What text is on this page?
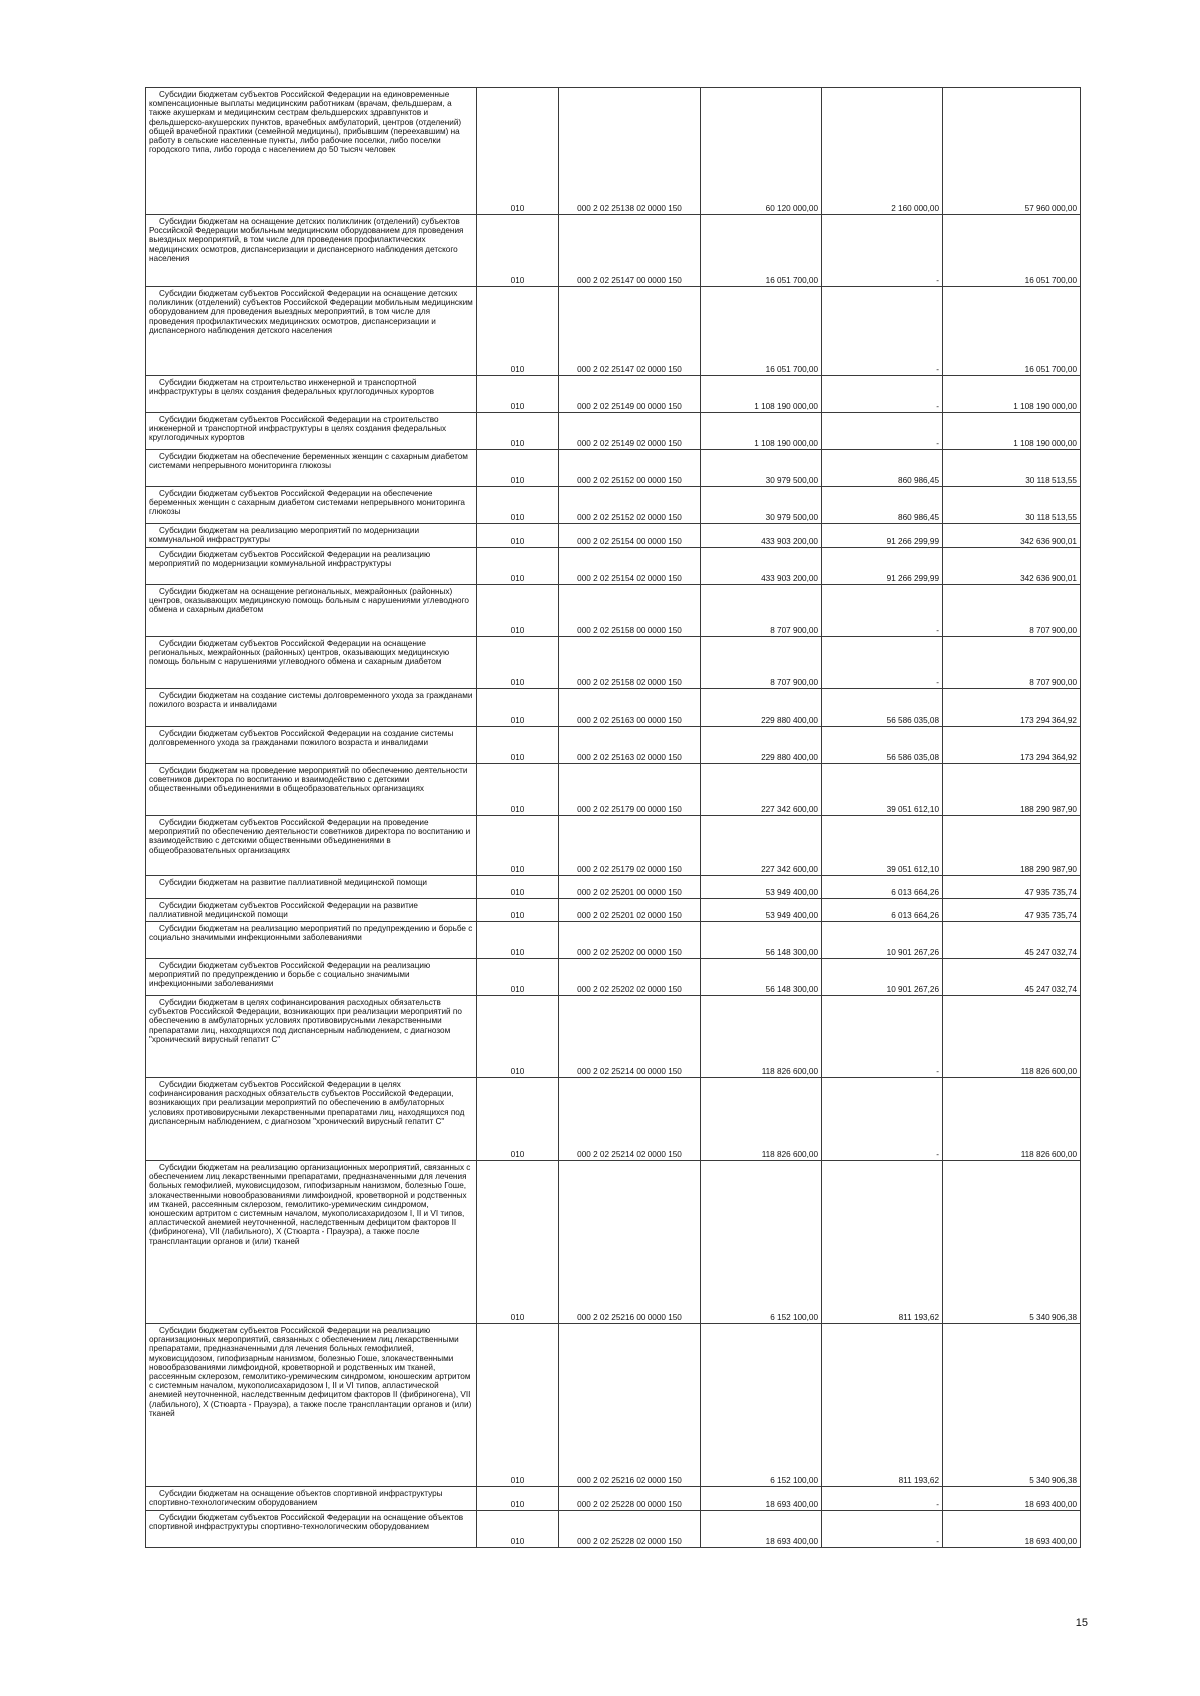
Субсидии бюджетам субъектов Российской Федерации на единовременные компенсационные выплаты медицинским работникам (врачам, фельдшерам, а также акушеркам и медицинским сестрам фельдшерских здравпунктов и фельдшерско-акушерских пунктов, врачебных амбулаторий, центров (отделений) общей врачебной практики (семейной медицины), прибывшим (переехавшим) на работу в сельские населенные пункты, либо рабочие поселки, либо поселки городского типа, либо города с населением до 50 тысяч человек	010	000 2 02 25138 02 0000 150	60 120 000,00	2 160 000,00	57 960 000,00
Субсидии бюджетам на оснащение детских поликлиник (отделений) субъектов Российской Федерации мобильным медицинским оборудованием для проведения выездных мероприятий, в том числе для проведения профилактических медицинских осмотров, диспансеризации и диспансерного наблюдения детского населения	010	000 2 02 25147 00 0000 150	16 051 700,00	-	16 051 700,00
Субсидии бюджетам субъектов Российской Федерации на оснащение детских поликлиник (отделений) субъектов Российской Федерации мобильным медицинским оборудованием для проведения выездных мероприятий, в том числе для проведения профилактических медицинских осмотров, диспансеризации и диспансерного наблюдения детского населения	010	000 2 02 25147 02 0000 150	16 051 700,00	-	16 051 700,00
Субсидии бюджетам на строительство инженерной и транспортной инфраструктуры в целях создания федеральных круглогодичных курортов	010	000 2 02 25149 00 0000 150	1 108 190 000,00	-	1 108 190 000,00
Субсидии бюджетам субъектов Российской Федерации на строительство инженерной и транспортной инфраструктуры в целях создания федеральных круглогодичных курортов	010	000 2 02 25149 02 0000 150	1 108 190 000,00	-	1 108 190 000,00
Субсидии бюджетам на обеспечение беременных женщин с сахарным диабетом системами непрерывного мониторинга глюкозы	010	000 2 02 25152 00 0000 150	30 979 500,00	860 986,45	30 118 513,55
Субсидии бюджетам субъектов Российской Федерации на обеспечение беременных женщин с сахарным диабетом системами непрерывного мониторинга глюкозы	010	000 2 02 25152 02 0000 150	30 979 500,00	860 986,45	30 118 513,55
Субсидии бюджетам на реализацию мероприятий по модернизации коммунальной инфраструктуры	010	000 2 02 25154 00 0000 150	433 903 200,00	91 266 299,99	342 636 900,01
Субсидии бюджетам субъектов Российской Федерации на реализацию мероприятий по модернизации коммунальной инфраструктуры	010	000 2 02 25154 02 0000 150	433 903 200,00	91 266 299,99	342 636 900,01
Субсидии бюджетам на оснащение региональных, межрайонных (районных) центров, оказывающих медицинскую помощь больным с нарушениями углеводного обмена и сахарным диабетом	010	000 2 02 25158 00 0000 150	8 707 900,00	-	8 707 900,00
Субсидии бюджетам субъектов Российской Федерации на оснащение региональных, межрайонных (районных) центров, оказывающих медицинскую помощь больным с нарушениями углеводного обмена и сахарным диабетом	010	000 2 02 25158 02 0000 150	8 707 900,00	-	8 707 900,00
Субсидии бюджетам на создание системы долговременного ухода за гражданами пожилого возраста и инвалидами	010	000 2 02 25163 00 0000 150	229 880 400,00	56 586 035,08	173 294 364,92
Субсидии бюджетам субъектов Российской Федерации на создание системы долговременного ухода за гражданами пожилого возраста и инвалидами	010	000 2 02 25163 02 0000 150	229 880 400,00	56 586 035,08	173 294 364,92
Субсидии бюджетам на проведение мероприятий по обеспечению деятельности советников директора по воспитанию и взаимодействию с детскими общественными объединениями в общеобразовательных организациях	010	000 2 02 25179 00 0000 150	227 342 600,00	39 051 612,10	188 290 987,90
Субсидии бюджетам субъектов Российской Федерации на проведение мероприятий по обеспечению деятельности советников директора по воспитанию и взаимодействию с детскими общественными объединениями в общеобразовательных организациях	010	000 2 02 25179 02 0000 150	227 342 600,00	39 051 612,10	188 290 987,90
Субсидии бюджетам на развитие паллиативной медицинской помощи	010	000 2 02 25201 00 0000 150	53 949 400,00	6 013 664,26	47 935 735,74
Субсидии бюджетам субъектов Российской Федерации на развитие паллиативной медицинской помощи	010	000 2 02 25201 02 0000 150	53 949 400,00	6 013 664,26	47 935 735,74
Субсидии бюджетам на реализацию мероприятий по предупреждению и борьбе с социально значимыми инфекционными заболеваниями	010	000 2 02 25202 00 0000 150	56 148 300,00	10 901 267,26	45 247 032,74
Субсидии бюджетам субъектов Российской Федерации на реализацию мероприятий по предупреждению и борьбе с социально значимыми инфекционными заболеваниями	010	000 2 02 25202 02 0000 150	56 148 300,00	10 901 267,26	45 247 032,74
Субсидии бюджетам в целях софинансирования расходных обязательств субъектов Российской Федерации, возникающих при реализации мероприятий по обеспечению в амбулаторных условиях противовирусными лекарственными препаратами лиц, находящихся под диспансерным наблюдением, с диагнозом "хронический вирусный гепатит С"	010	000 2 02 25214 00 0000 150	118 826 600,00	-	118 826 600,00
Субсидии бюджетам субъектов Российской Федерации в целях софинансирования расходных обязательств субъектов Российской Федерации, возникающих при реализации мероприятий по обеспечению в амбулаторных условиях противовирусными лекарственными препаратами лиц, находящихся под диспансерным наблюдением, с диагнозом "хронический вирусный гепатит С"	010	000 2 02 25214 02 0000 150	118 826 600,00	-	118 826 600,00
Субсидии бюджетам на реализацию организационных мероприятий, связанных с обеспечением лиц лекарственными препаратами, предназначенными для лечения больных гемофилией, муковисцидозом, гипофизарным нанизмом, болезнью Гоше, злокачественными новообразованиями лимфоидной, кроветворной и родственных им тканей, рассеянным склерозом, гемолитико-уремическим синдромом, юношеским артритом с системным началом, мукополисахаридозом I, II и VI типов, апластической анемией неуточненной, наследственным дефицитом факторов II (фибриногена), VII (лабильного), X (Стюарта - Прауэра), а также после трансплантации органов и (или) тканей	010	000 2 02 25216 00 0000 150	6 152 100,00	811 193,62	5 340 906,38
Субсидии бюджетам субъектов Российской Федерации на реализацию организационных мероприятий, связанных с обеспечением лиц лекарственными препаратами, предназначенными для лечения больных гемофилией, муковисцидозом, гипофизарным нанизмом, болезнью Гоше, злокачественными новообразованиями лимфоидной, кроветворной и родственных им тканей, рассеянным склерозом, гемолитико-уремическим синдромом, юношеским артритом с системным началом, мукополисахаридозом I, II и VI типов, апластической анемией неуточненной, наследственным дефицитом факторов II (фибриногена), VII (лабильного), X (Стюарта - Прауэра), а также после трансплантации органов и (или) тканей	010	000 2 02 25216 02 0000 150	6 152 100,00	811 193,62	5 340 906,38
Субсидии бюджетам на оснащение объектов спортивной инфраструктуры спортивно-технологическим оборудованием	010	000 2 02 25228 00 0000 150	18 693 400,00	-	18 693 400,00
Субсидии бюджетам субъектов Российской Федерации на оснащение объектов спортивной инфраструктуры спортивно-технологическим оборудованием	010	000 2 02 25228 02 0000 150	18 693 400,00	-	18 693 400,00
15
